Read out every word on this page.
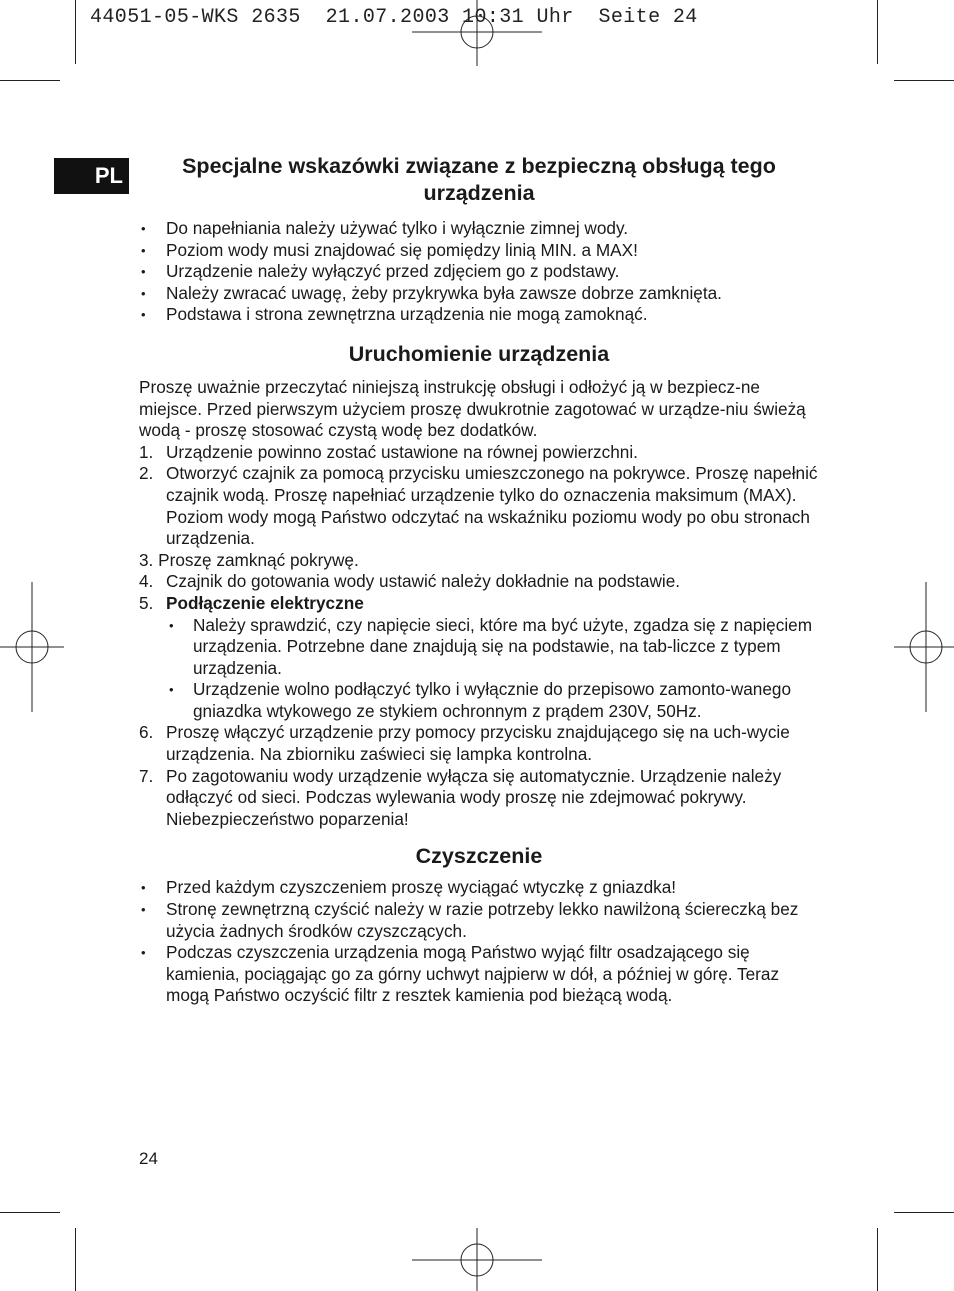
44051-05-WKS 2635  21.07.2003 10:31 Uhr  Seite 24
PL	Specjalne wskazówki związane z bezpieczną obsługą tego urządzenia
• Do napełniania należy używać tylko i wyłącznie zimnej wody.
• Poziom wody musi znajdować się pomiędzy linią MIN. a MAX!
• Urządzenie należy wyłączyć przed zdjęciem go z podstawy.
• Należy zwracać uwagę, żeby przykrywka była zawsze dobrze zamknięta.
• Podstawa i strona zewnętrzna urządzenia nie mogą zamoknąć.
Uruchomienie urządzenia

Proszę uważnie przeczytać niniejszą instrukcję obsługi i odłożyć ją w bezpiecz-ne miejsce. Przed pierwszym użyciem proszę dwukrotnie zagotować w urządze-niu świeżą wodą - proszę stosować czystą wodę bez dodatków.

1. Urządzenie powinno zostać ustawione na równej powierzchni.
2. Otworzyć czajnik za pomocą przycisku umieszczonego na pokrywce. Proszę napełnić czajnik wodą. Proszę napełniać urządzenie tylko do oznaczenia maksimum (MAX). Poziom wody mogą Państwo odczytać na wskaźniku poziomu wody po obu stronach urządzenia.
3. Proszę zamknąć pokrywę.
4. Czajnik do gotowania wody ustawić należy dokładnie na podstawie.
5. Podłączenie elektryczne
• Należy sprawdzić, czy napięcie sieci, które ma być użyte, zgadza się z napięciem urządzenia. Potrzebne dane znajdują się na podstawie, na tab-liczce z typem urządzenia.
• Urządzenie wolno podłączyć tylko i wyłącznie do przepisowo zamonto-wanego gniazdka wtykowego ze stykiem ochronnym z prądem 230V, 50Hz.
6. Proszę włączyć urządzenie przy pomocy przycisku znajdującego się na uch-wycie urządzenia. Na zbiorniku zaświeci się lampka kontrolna.
7. Po zagotowaniu wody urządzenie wyłącza się automatycznie. Urządzenie należy odłączyć od sieci. Podczas wylewania wody proszę nie zdejmować pokrywy. Niebezpieczeństwo poparzenia!
Czyszczenie
• Przed każdym czyszczeniem proszę wyciągać wtyczkę z gniazdka!
• Stronę zewnętrzną czyścić należy w razie potrzeby lekko nawilżoną ściereczką bez użycia żadnych środków czyszczących.
• Podczas czyszczenia urządzenia mogą Państwo wyjąć filtr osadzającego się kamienia, pociągając go za górny uchwyt najpierw w dół, a później w górę. Teraz mogą Państwo oczyścić filtr z resztek kamienia pod bieżącą wodą.
24
